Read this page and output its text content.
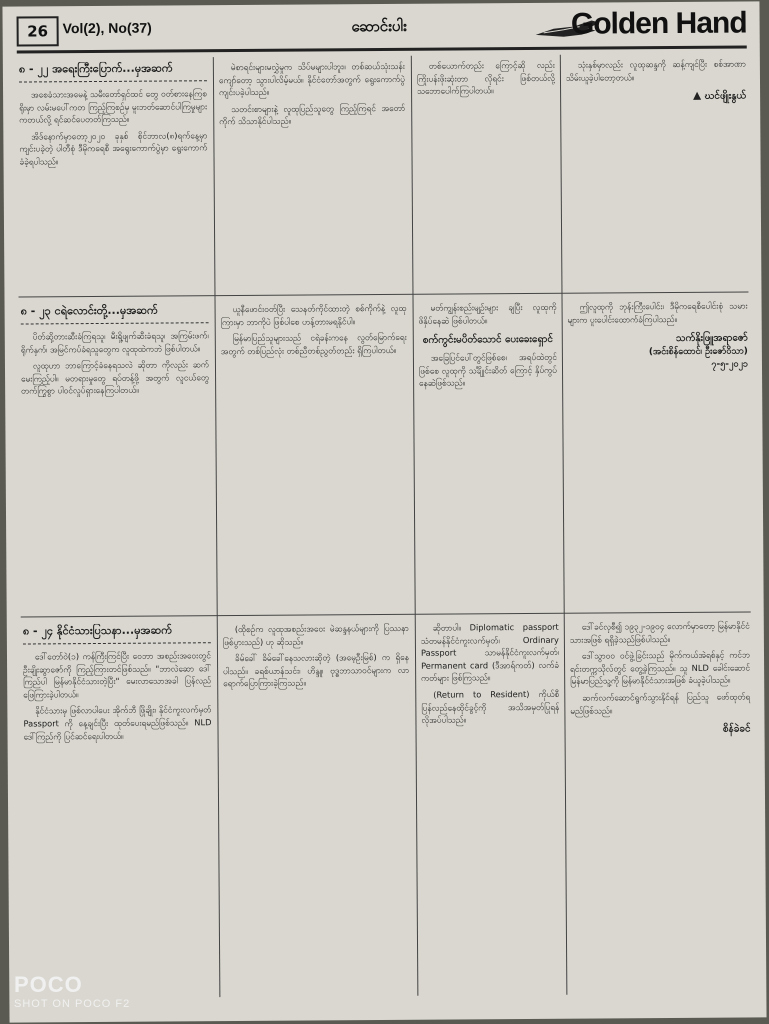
26	Vol(2), No(37)	ဆောင်းပါး	Golden Hand
၈ - ၂၂ အရေးကြီးပြောက်...မှအဆက်

အစေခံသားအမေနဲ့ သမီးတော်ရှင်ထင် တွေ ဝတ်စားနေကြစရိုးမှာ လမ်းမပေါ်ကတ ကြည့်ကြစဉ်မှ မူးဘတ်ဆောင်ပါကြမှုများ ကတယ်လို့ ရင်ဆင်ပေတတ်ကြသည်။

အိဒ်နောက်မှာတော့၂၀၂၀ ခုနှစ် စိုင်ဘာလ(၈)ရက်နေ့မှာကျင်းပခဲ့တဲ့ ပါတီစုံ ဒီမိုကရေစီ အရွေးကောက်ပွဲမှာ ရွေးကောက်ခံခဲ့ရပါသည်။

မဲစာရင်းများမလွှဲမှုက သိပ်မများပါဘူး။ တစ်ဆယ်သုံးသန်း ကျော်တော့ သွားပါလိမ့်မယ်။ နိုင်ငံတော်အတွက် ရွေးကောက်ပွဲကျင်းပခဲ့ပါသည်။

သတင်းစာများနဲ့ လူထုပြည်သူတွေ ကြည့်ကြရင် အတော်ကိုက် သိသာနိုင်ပါသည်။

တစ်ယောက်တည်း ကြောင့်ဆို လည်း ကြိုးပန်းဖိုးဆုံးတာ လိုရင်း ဖြစ်တယ်လို့ သဘောပေါက်ကြပါတယ်။

သုံးနှစ်မှာလည်း လူထုဆန္ဒကို ဆန့်ကျင်ပြီး စစ်အာဏာ သိမ်းယူခဲ့ပါတော့တယ်။

ဃင်ဖျိုးနွယ်
၈ - ၂၃ ငရဲလောင်းတို့...မှအဆက်

ပိတ်ဆို့တားဆီးခံကြရသူ၊ မီးရှို့ဖျက်ဆီးခံရသူ၊ အကြမ်းဖက်၊ ရိုက်နှက်၊ အမြင်ကပ်ခံရသူတွေက လူထုထဲကဘဲ ဖြစ်ပါတယ်။

လူထုဟာ ဘာကြောင့်ခံနေရသလဲ ဆိုတာ ကိုလည်း ဆက်မေးကြည့်ပါ။ မတရားမှုတွေ ရပ်တန့်ဖို့ အတွက် လူငယ်တွေ တက်ကြွစွာ ပါဝင်လှုပ်ရှားနေကြပါတယ်။

ယူနီဖောင်းဝတ်ပြီး သေနတ်ကိုင်ထားတဲ့ စစ်ကိုက်နဲ့ လူထုကြားမှာ ဘာကိုပဲ ဖြစ်ပါစေ ဟန့်တားမရနိုင်ပါ။

မြန်မာပြည်သူများသည် ငရဲခန်းကနေ လွတ်မြောက်ရေးအတွက် တစ်ပြည်လုံး တစ်ညီတစ်ညွတ်တည်း ရှိကြပါတယ်။

မတ်ကျွန်းစည်းမျဉ်းများ ချပြီး လူထုကို ဖိနှိပ်နေဆဲ ဖြစ်ပါတယ်။

စက်ကွင်းမပိတ်သောင် ပေးခေးရှောင်

အခြေပြင်ပေါ်တွင်ဖြစ်စေ၊ အရပ်ထဲတွင် ဖြစ်စေ လူထုကို သင်္ချိုင်းဆိတ် ကြောင့် နှိပ်ကွပ်နေဆဲဖြစ်သည်။

ဤလူထုကို ဘုန်းကြီးပေါင်း၊ ဒီမိုကရေစီပေါင်းစုံ သမားများက ပူးပေါင်းထောက်ခံကြပါသည်။

သက်နိုးဖြူအရာဇော်
(အင်းစိန်ထောင်၊ ဦးဇော်ဝိသာ)
၇-၅-၂၀၂၁
၈ - ၂၄ နိုင်ငံသားပြသနာ...မှအဆက်

ဒေါ်တော်ဝဲ(၁) ကန်ကြီးကြင်ပြီး ဝေဘာ အစည်းအဝေးတွင် ဦးချိုးဆွာဇော်ကို ကြည့်ကြားတင်ဖြစ်သည်။ "ဘာလဲဆော ဒေါ်ကြည်ပါ မြန်မာနိုင်ငံသားတဲ့ပြီး" မေးလာသောအခါ ပြန်လည်ဖြေကြားခဲ့ပါတယ်။

နိုင်ငံသားမှ ဖြစ်လာပါပေး အိုက်ဘီ ဖြိုချိုး၊ နိုင်ငံကူးလက်မှတ် Passport ကို နေ့ချင်းပြီး ထုတ်ပေးရမည်ဖြစ်သည်။ NLD ဒေါ်ကြည်ကို ပြင်ဆင်ရေးပါတယ်။

(ထိုစဉ်က လူထုအစည်းအဝေး မဲဆန္ဒနယ်များကို ပြဿနာဖြစ်ပွားသည်) ဟု ဆိုသည်။

ခိမ်ခေါ် ခိမ်ခေါ်နေသလားဆိုတဲ့ (အမေ့ဦးမြစ်) က ရှိနေပါသည်။ ခရစ်ယာန်သင်း၊ ဟိန္ဒူ၊ ဗုဒ္ဓဘာသာဝင်များက လာရောက်ပြောကြားခဲ့ကြသည်။

ဆိုတာပါ။ Diplomatic passport သံတမန်နိုင်ငံကူးလက်မှတ်၊ Ordinary Passport သာမန်နိုင်ငံကူးလက်မှတ်၊ Permanent card (ဒီအာရ်ကတ်) လက်ခံကတ်များ ဖြစ်ကြသည်။

(Return to Resident) ကိုယ်စီပြန်လည်နေထိုင်ခွင့်ကို အသိအမှတ်ပြုရန် လိုအပ်ပါသည်။

ဒေါ်ခင်လှစီ၍ ၁၉၃၂-၁၉၀၄ လောက်မှာတော့ မြန်မာနိုင်ငံသားအဖြစ် ရရှိခဲ့သည်ဖြစ်ပါသည်။

ဒေါ်သွာဝဝ ဝင်ဖွဲ့ခြင်းသည် မိုက်ကယ်အဲရစ်နှင့် ကင်ဘရင်းတက္ကသိုလ်တွင် တွေ့ခဲ့ကြသည်။ သူ NLD ခေါင်းဆောင် မြန်မာပြည်သူ့ကို မြန်မာနိုင်ငံသားအဖြစ် ခံယူခဲ့ပါသည်။

ဆက်လက်ဆောင်ရွက်သွားနိုင်ရန် ပြည်သူ ဖော်ထုတ်ရမည်ဖြစ်သည်။

စိန်ခဲခင်
POCO
SHOT ON POCO F2
